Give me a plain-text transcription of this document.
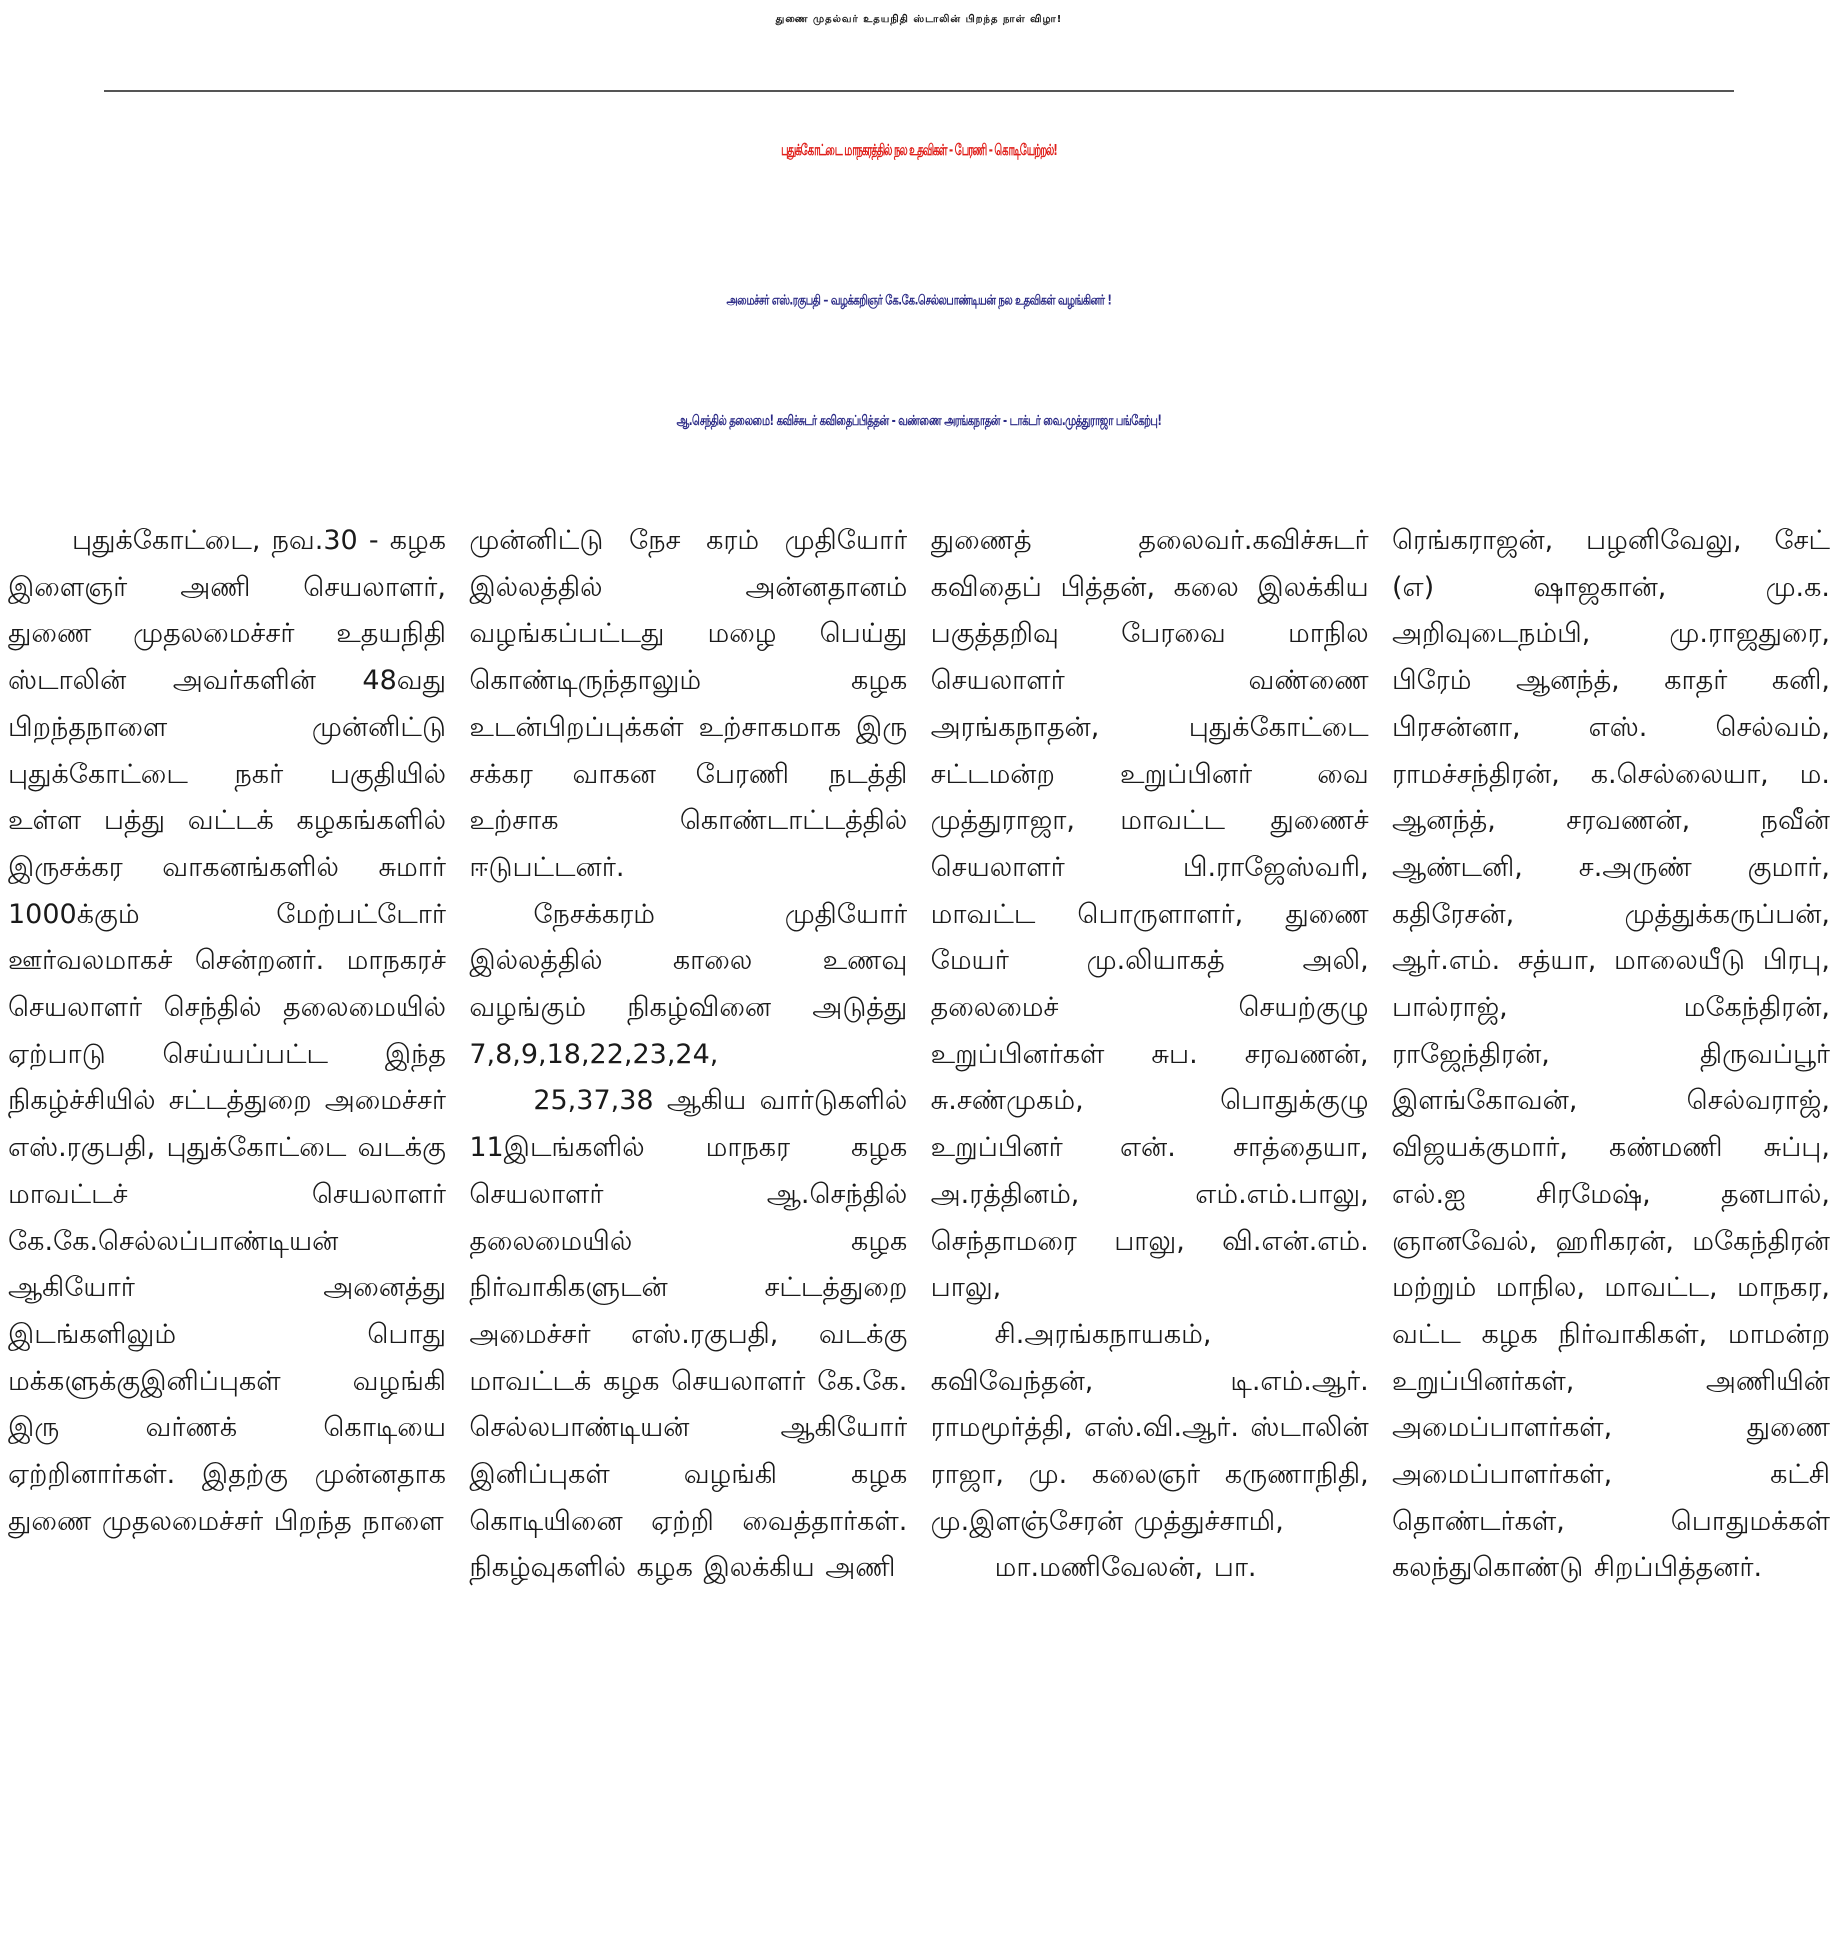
துணை முதல்வர் உதயநிதி ஸ்டாலின் பிறந்த நாள் விழா!
புதுக்கோட்டை மாநகரத்தில் நல உதவிகள் - பேரணி - கொடியேற்றல்!
அமைச்சர் எஸ்.ரகுபதி – வழக்கறிஞர் கே.கே.செல்லபாண்டியன் நல உதவிகள் வழங்கினர் !
ஆ.செந்தில் தலைமை! கவிச்சுடர் கவிதைப்பித்தன் - வண்ணை அரங்கநாதன் - டாக்டர் வை.முத்துராஜா பங்கேற்பு!

புதுக்கோட்டை, நவ.30 - கழக இளைஞர் அணி செயலாளர், துணை முதலமைச்சர் உதயநிதி ஸ்டாலின் அவர்களின் 48வது பிறந்தநாளை முன்னிட்டு புதுக்கோட்டை நகர் பகுதியில் உள்ள பத்து வட்டக் கழகங்களில் இருசக்கர வாகனங்களில் சுமார் 1000க்கும் மேற்பட்டோர் ஊர்வலமாகச் சென்றனர். மாநகரச் செயலாளர் செந்தில் தலைமையில் ஏற்பாடு செய்யப்பட்ட இந்த நிகழ்ச்சியில் சட்டத்துறை அமைச்சர் எஸ்.ரகுபதி, புதுக்கோட்டை வடக்கு மாவட்டச் செயலாளர் கே.கே.செல்லப்பாண்டியன் ஆகியோர் அனைத்து இடங்களிலும் பொது மக்களுக்குஇனிப்புகள் வழங்கி இரு வர்ணக் கொடியை ஏற்றினார்கள். இதற்கு முன்னதாக துணை முதலமைச்சர் பிறந்த நாளை

முன்னிட்டு நேச கரம் முதியோர் இல்லத்தில் அன்னதானம் வழங்கப்பட்டது மழை பெய்து கொண்டிருந்தாலும் கழக உடன்பிறப்புக்கள் உற்சாகமாக இரு சக்கர வாகன பேரணி நடத்தி உற்சாக கொண்டாட்டத்தில் ஈடுபட்டனர்.

நேசக்கரம் முதியோர் இல்லத்தில் காலை உணவு வழங்கும் நிகழ்வினை அடுத்து 7,8,9,18,22,23,24,

25,37,38 ஆகிய வார்டுகளில் 11இடங்களில் மாநகர கழக செயலாளர் ஆ.செந்தில் தலைமையில் கழக நிர்வாகிகளுடன் சட்டத்துறை அமைச்சர் எஸ்.ரகுபதி, வடக்கு மாவட்டக் கழக செயலாளர் கே.கே. செல்லபாண்டியன் ஆகியோர் இனிப்புகள் வழங்கி கழக கொடியினை ஏற்றி வைத்தார்கள். நிகழ்வுகளில் கழக இலக்கிய அணி

துணைத் தலைவர்.கவிச்சுடர் கவிதைப் பித்தன், கலை இலக்கிய பகுத்தறிவு பேரவை மாநில செயலாளர் வண்ணை அரங்கநாதன், புதுக்கோட்டை சட்டமன்ற உறுப்பினர் வை முத்துராஜா, மாவட்ட துணைச் செயலாளர் பி.ராஜேஸ்வரி, மாவட்ட பொருளாளர், துணை மேயர் மு.லியாகத் அலி, தலைமைச் செயற்குழு உறுப்பினர்கள் சுப. சரவணன், சு.சண்முகம், பொதுக்குழு உறுப்பினர் என். சாத்தையா, அ.ரத்தினம், எம்.எம்.பாலு, செந்தாமரை பாலு, வி.என்.எம். பாலு,

சி.அரங்கநாயகம், கவிவேந்தன், டி.எம்.ஆர். ராமமூர்த்தி, எஸ்.வி.ஆர். ஸ்டாலின் ராஜா, மு. கலைஞர் கருணாநிதி, மு.இளஞ்சேரன் முத்துச்சாமி,

மா.மணிவேலன், பா.

ரெங்கராஜன், பழனிவேலு, சேட் (எ) ஷாஜகான், மு.க. அறிவுடைநம்பி, மு.ராஜதுரை, பிரேம் ஆனந்த், காதர் கனி, பிரசன்னா, எஸ். செல்வம், ராமச்சந்திரன், க.செல்லையா, ம. ஆனந்த், சரவணன், நவீன் ஆண்டனி, ச.அருண் குமார், கதிரேசன், முத்துக்கருப்பன், ஆர்.எம். சத்யா, மாலையீடு பிரபு, பால்ராஜ், மகேந்திரன், ராஜேந்திரன், திருவப்பூர் இளங்கோவன், செல்வராஜ், விஜயக்குமார், கண்மணி சுப்பு, எல்.ஐ சிரமேஷ், தனபால், ஞானவேல், ஹரிகரன், மகேந்திரன் மற்றும் மாநில, மாவட்ட, மாநகர, வட்ட கழக நிர்வாகிகள், மாமன்ற உறுப்பினர்கள், அணியின் அமைப்பாளர்கள், துணை அமைப்பாளர்கள், கட்சி தொண்டர்கள், பொதுமக்கள் கலந்துகொண்டு சிறப்பித்தனர்.
